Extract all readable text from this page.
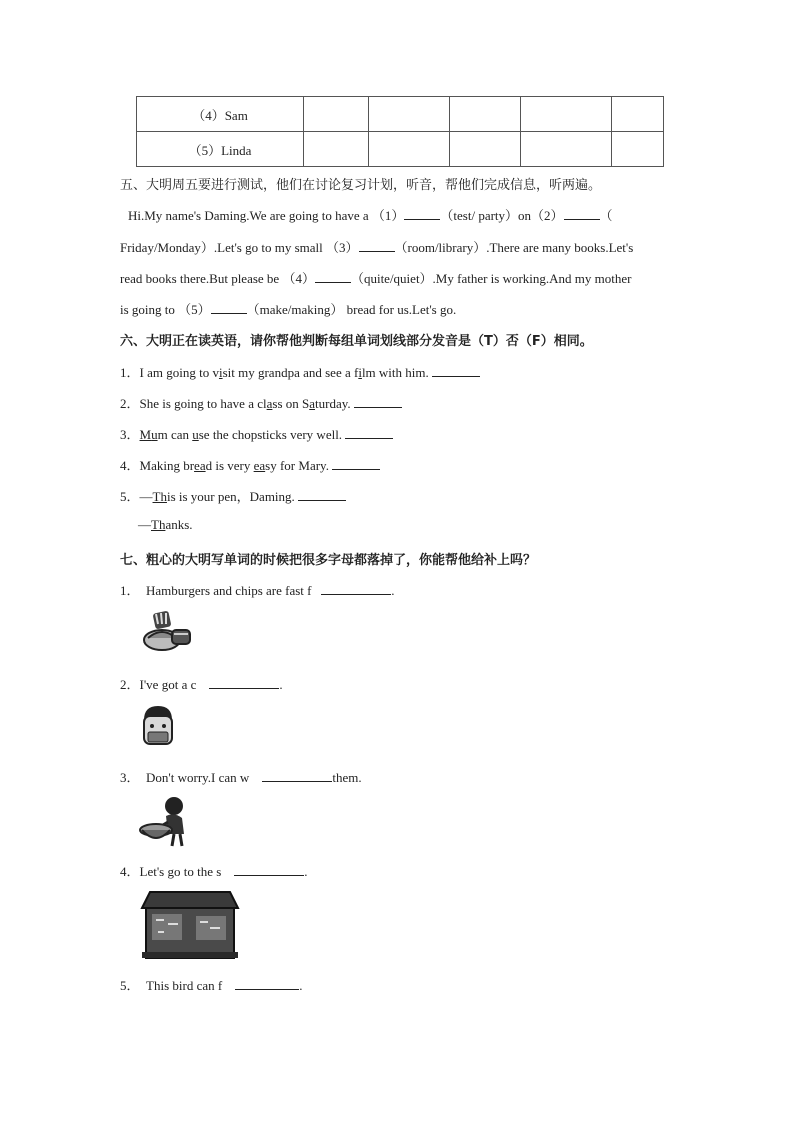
（4）Sam					
（5）Linda					
五、大明周五要进行测试，他们在讨论复习计划，听音，帮他们完成信息，听两遍。
Hi.My name's Daming.We are going to have a （1）	（test/ party）on（2）	（
Friday/Monday）.Let's go to my small （3）	（room/library）.There are many books.Let's
read books there.But please be （4）	（quite/quiet）.My father is working.And my mother
is going to （5）	（make/making） bread for us.Let's go.
六、大明正在读英语，请你帮他判断每组单词划线部分发音是（T）否（F）相同。
1．I am going to visit my grandpa and see a film with him.
2．She is going to have a class on Saturday.
3．Mum can use the chopsticks very well.
4．Making bread is very easy for Mary.
5．—This is your pen，Daming.
—Thanks.
七、粗心的大明写单词的时候把很多字母都落掉了，你能帮他给补上吗？
1． Hamburgers and chips are fast f	.
2．I've got a c	.
3． Don't worry.I can w	them.
4．Let's go to the s	.
5． This bird can f	.
